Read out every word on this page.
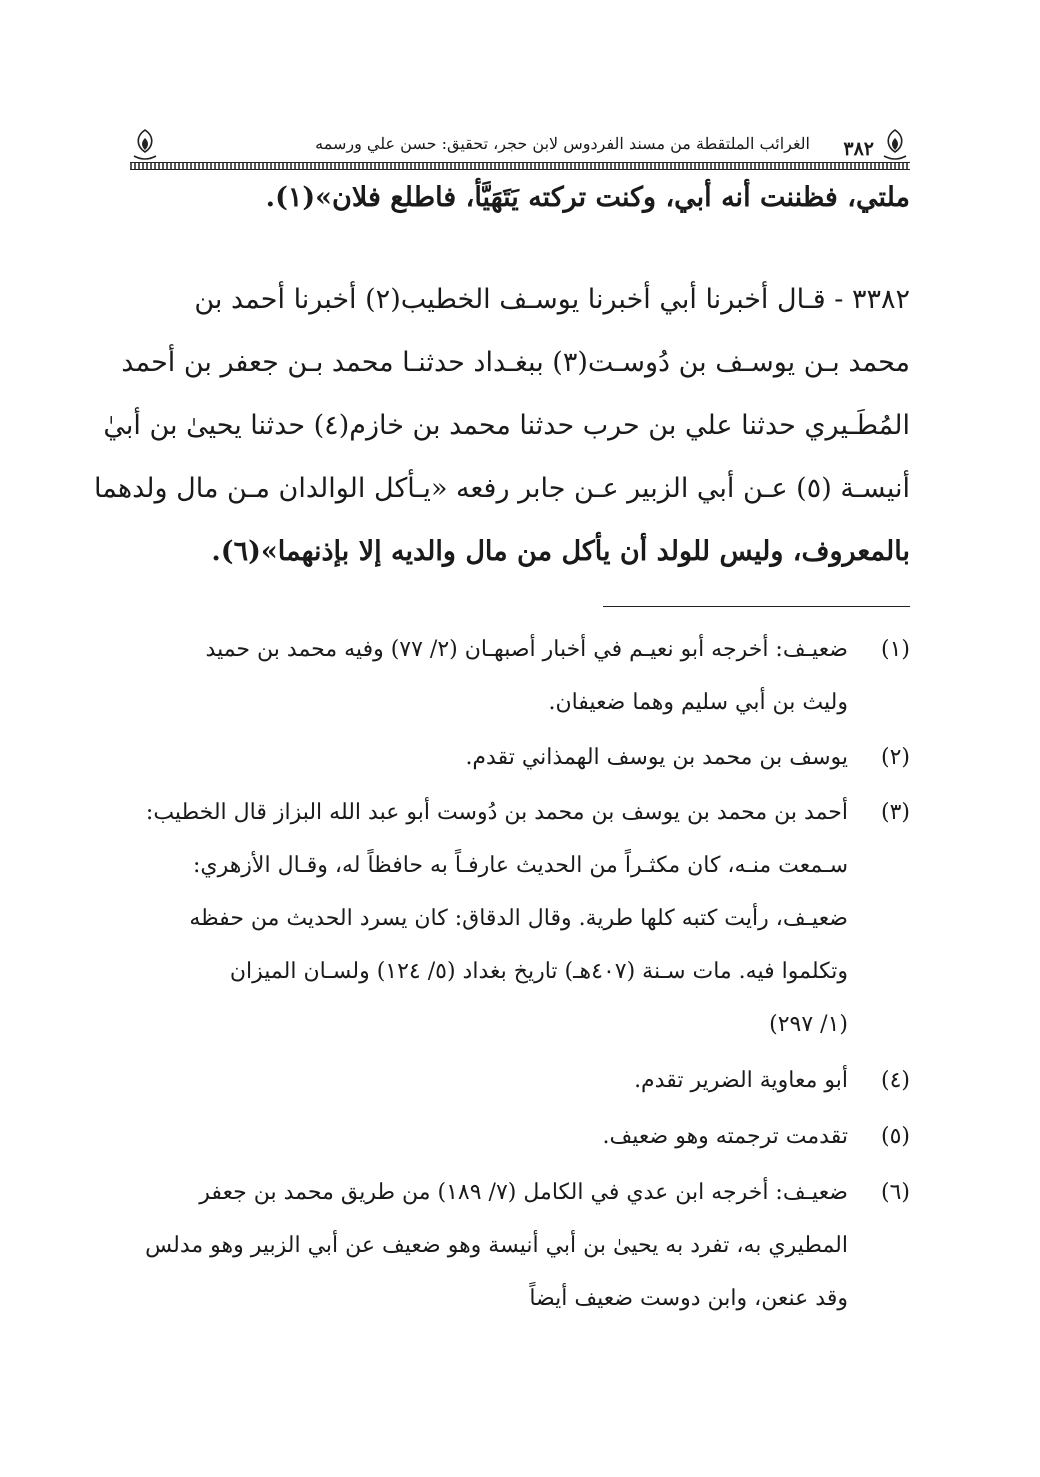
٣٨٢
الغرائب الملتقطة من مسند الفردوس لابن حجر، تحقيق: حسن علي ورسمه
ملتي، فظننت أنه أبي، وكنت تركته يَتَهَيَّأ، فاطلع فلان»(١).
٣٣٨٢ - قـال أخبرنا أبي أخبرنا يوسـف الخطيب(٢) أخبرنا أحمد بن
محمد بـن يوسـف بن دُوسـت(٣) ببغـداد حدثنـا محمد بـن جعفر بن أحمد
المُطَـيري حدثنا علي بن حرب حدثنا محمد بن خازم(٤) حدثنا يحيىٰ بن أبيٰ
أنيسـة (٥) عـن أبي الزبير عـن جابر رفعه «يـأكل الوالدان مـن مال ولدهما
بالمعروف، وليس للولد أن يأكل من مال والديه إلا بإذنهما»(٦).
(١)
ضعيـف: أخرجه أبو نعيـم في أخبار أصبهـان (٢/ ٧٧) وفيه محمد بن حميد
وليث بن أبي سليم وهما ضعيفان.
(٢)
يوسف بن محمد بن يوسف الهمذاني تقدم.
(٣)
أحمد بن محمد بن يوسف بن محمد بن دُوست أبو عبد الله البزاز قال الخطيب:
سـمعت منـه، كان مكثـراً من الحديث عارفـاً به حافظاً له، وقـال الأزهري:
ضعيـف، رأيت كتبه كلها طرية. وقال الدقاق: كان يسرد الحديث من حفظه
وتكلموا فيه. مات سـنة (٤٠٧هـ) تاريخ بغداد (٥/ ١٢٤) ولسـان الميزان
(١/ ٢٩٧)
(٤)
أبو معاوية الضرير تقدم.
(٥)
تقدمت ترجمته وهو ضعيف.
(٦)
ضعيـف: أخرجه ابن عدي في الكامل (٧/ ١٨٩) من طريق محمد بن جعفر
المطيري به، تفرد به يحيىٰ بن أبي أنيسة وهو ضعيف عن أبي الزبير وهو مدلس
وقد عنعن، وابن دوست ضعيف أيضاً
